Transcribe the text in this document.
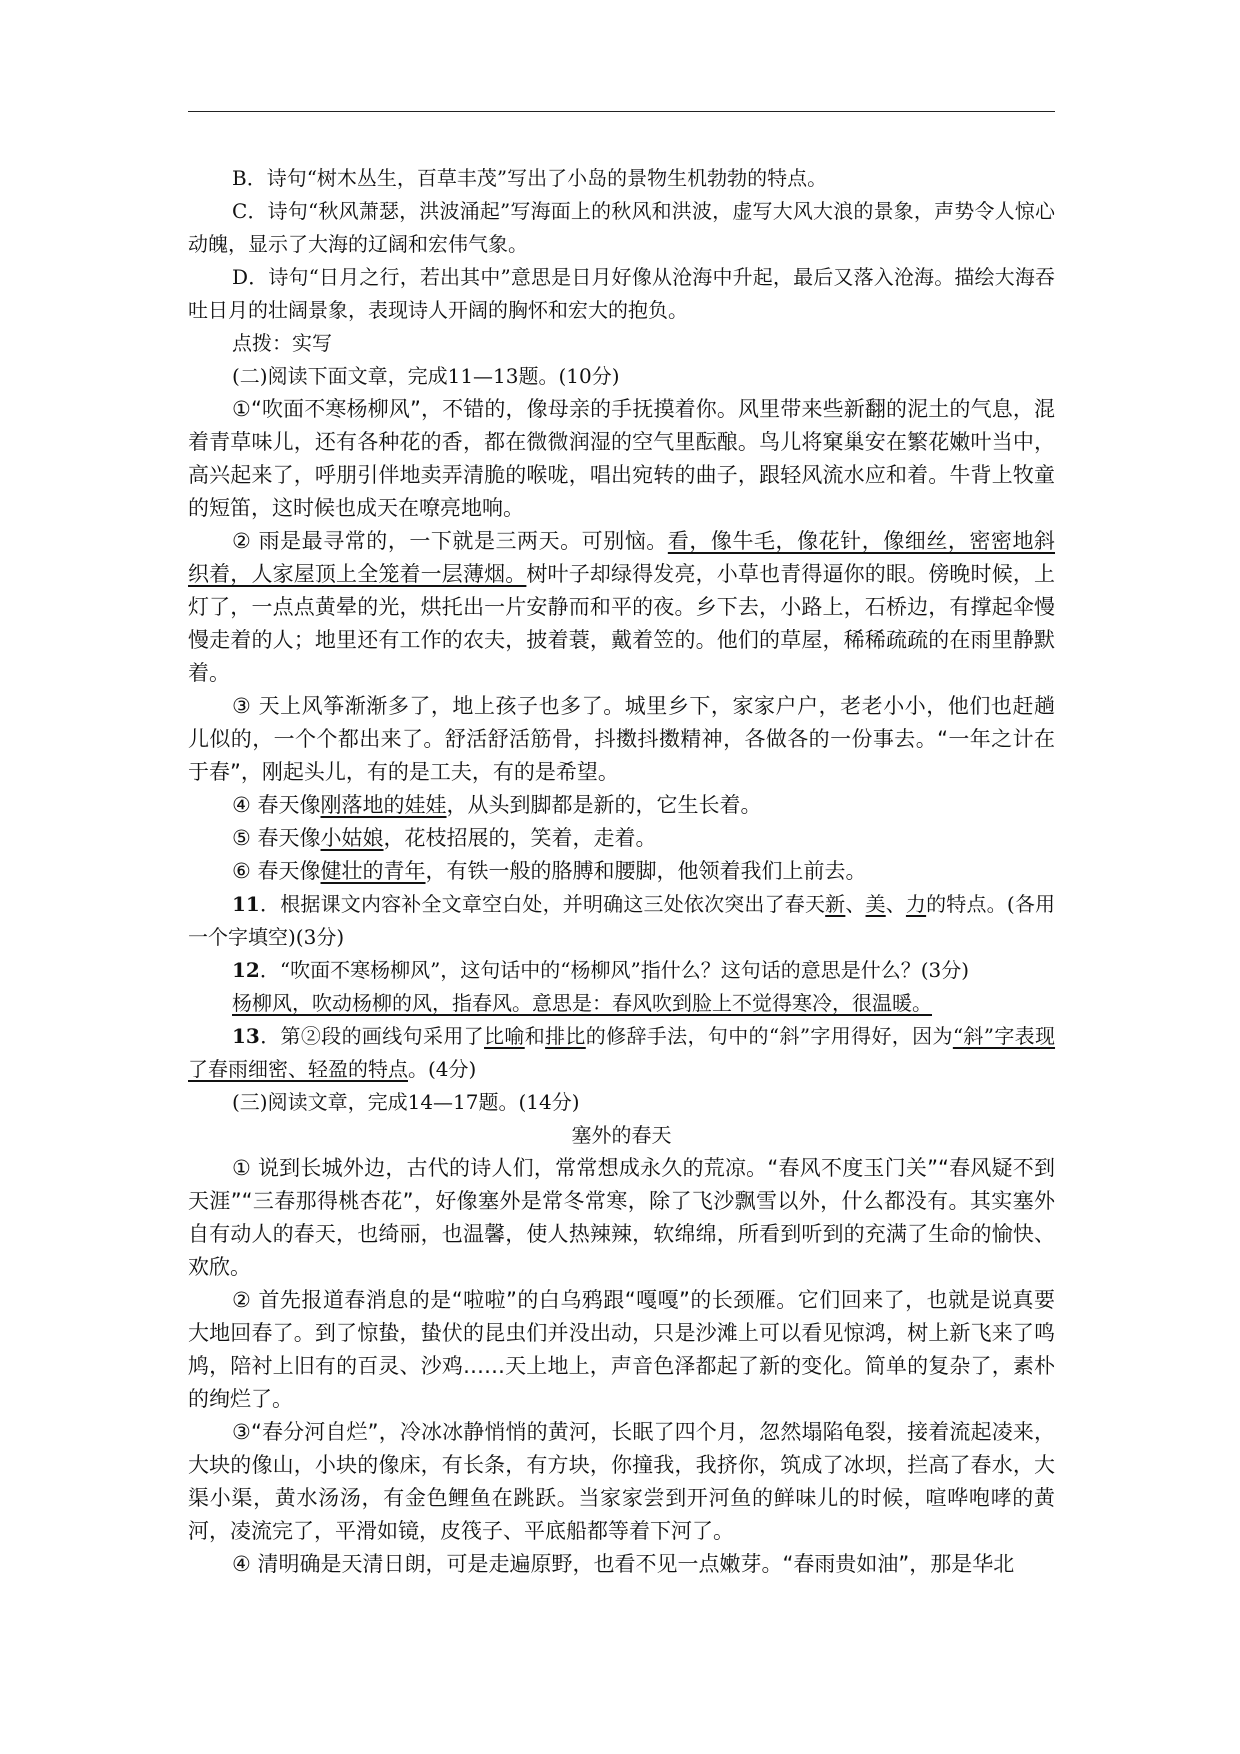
B．诗句“树木丛生，百草丰茂”写出了小岛的景物生机勃勃的特点。

C．诗句“秋风萧瑟，洪波涌起”写海面上的秋风和洪波，虚写大风大浪的景象，声势令人惊心动魄，显示了大海的辽阔和宏伟气象。

D．诗句“日月之行，若出其中”意思是日月好像从沧海中升起，最后又落入沧海。描绘大海吞吐日月的壮阔景象，表现诗人开阔的胸怀和宏大的抱负。

点拨：实写

(二)阅读下面文章，完成11—13题。(10分)

①“吹面不寒杨柳风”，不错的，像母亲的手抚摸着你。风里带来些新翻的泥土的气息，混着青草味儿，还有各种花的香，都在微微润湿的空气里酝酿。鸟儿将窠巢安在繁花嫩叶当中，高兴起来了，呼朋引伴地卖弄清脆的喉咙，唱出宛转的曲子，跟轻风流水应和着。牛背上牧童的短笛，这时候也成天在嘹亮地响。

② 雨是最寻常的，一下就是三两天。可别恼。看，像牛毛，像花针，像细丝，密密地斜织着，人家屋顶上全笼着一层薄烟。树叶子却绿得发亮，小草也青得逼你的眼。傍晚时候，上灯了，一点点黄晕的光，烘托出一片安静而和平的夜。乡下去，小路上，石桥边，有撑起伞慢慢走着的人；地里还有工作的农夫，披着蓑，戴着笠的。他们的草屋，稀稀疏疏的在雨里静默着。

③ 天上风筝渐渐多了，地上孩子也多了。城里乡下，家家户户，老老小小，他们也赶趟儿似的，一个个都出来了。舒活舒活筋骨，抖擞抖擞精神，各做各的一份事去。“一年之计在于春”，刚起头儿，有的是工夫，有的是希望。

④ 春天像刚落地的娃娃，从头到脚都是新的，它生长着。

⑤ 春天像小姑娘，花枝招展的，笑着，走着。

⑥ 春天像健壮的青年，有铁一般的胳膊和腰脚，他领着我们上前去。

11．根据课文内容补全文章空白处，并明确这三处依次突出了春天新、美、力的特点。(各用一个字填空)(3分)

12．“吹面不寒杨柳风”，这句话中的“杨柳风”指什么？这句话的意思是什么？(3分)

杨柳风，吹动杨柳的风，指春风。意思是：春风吹到脸上不觉得寒冷，很温暖。

13．第②段的画线句采用了比喻和排比的修辞手法，句中的“斜”字用得好，因为“斜”字表现了春雨细密、轻盈的特点。(4分)

(三)阅读文章，完成14—17题。(14分)

塞外的春天

① 说到长城外边，古代的诗人们，常常想成永久的荒凉。“春风不度玉门关”“春风疑不到天涯”“三春那得桃杏花”，好像塞外是常冬常寒，除了飞沙飘雪以外，什么都没有。其实塞外自有动人的春天，也绮丽，也温馨，使人热辣辣，软绵绵，所看到听到的充满了生命的愉快、欢欣。

② 首先报道春消息的是“啦啦”的白乌鸦跟“嘎嘎”的长颈雁。它们回来了，也就是说真要大地回春了。到了惊蛰，蛰伏的昆虫们并没出动，只是沙滩上可以看见惊鸿，树上新飞来了鸣鸠，陪衬上旧有的百灵、沙鸡……天上地上，声音色泽都起了新的变化。简单的复杂了，素朴的绚烂了。

③“春分河自烂”，冷冰冰静悄悄的黄河，长眠了四个月，忽然塌陷龟裂，接着流起凌来，大块的像山，小块的像床，有长条，有方块，你撞我，我挤你，筑成了冰坝，拦高了春水，大渠小渠，黄水汤汤，有金色鲤鱼在跳跃。当家家尝到开河鱼的鲜味儿的时候，喧哗咆哮的黄河，凌流完了，平滑如镜，皮筏子、平底船都等着下河了。

④ 清明确是天清日朗，可是走遍原野，也看不见一点嫩芽。“春雨贵如油”，那是华北
